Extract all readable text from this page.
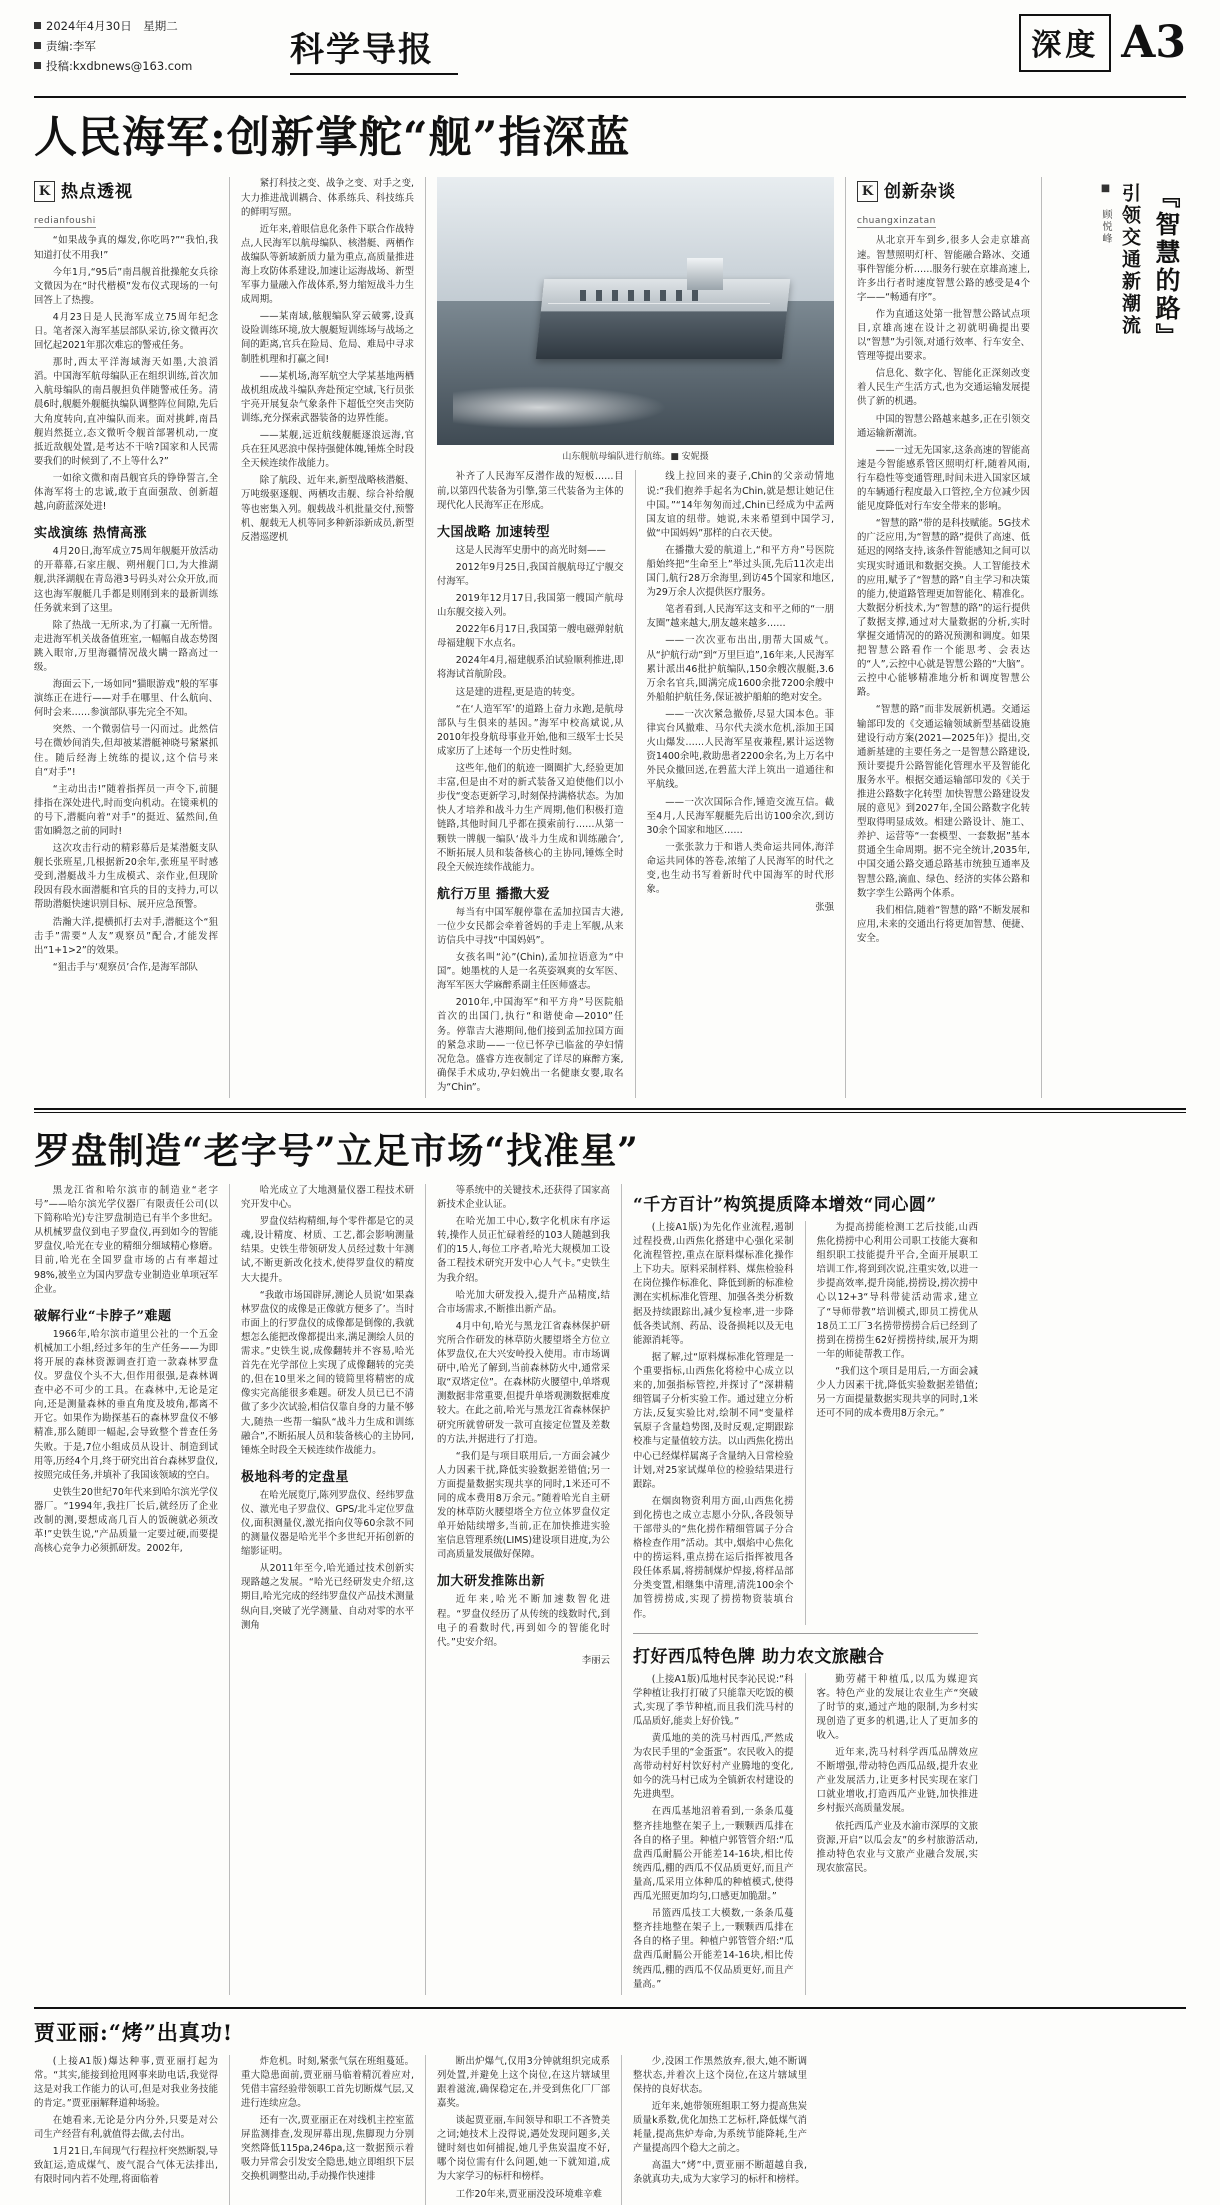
2024年4月30日　星期二
责编:李军
投稿:kxdbnews@163.com	科学导报	深度 A3
人民海军:创新掌舵“舰”指深蓝
K 热点透视
redianfoushi

“如果战争真的爆发,你吃吗?”“我怕,我知道打仗不用我!”

今年1月,“95后”南昌舰首批操舵女兵徐文微因为在“时代楷模”发布仪式现场的一句回答上了热搜。

4月23日是人民海军成立75周年纪念日。笔者深入海军基层部队采访,徐文微再次回忆起2021年那次难忘的警戒任务。

那时,西太平洋海域海天如墨,大浪滔滔。中国海军航母编队正在组织训练,首次加入航母编队的南昌舰担负伴随警戒任务。清晨6时,舰艇外舰艇执编队调整阵位间隙,先后大角度转向,直冲编队而来。面对挑衅,南昌舰岿然挺立,态文微听令舰首部署机动,一度抵近敌舰处置,是考达不干啥?国家和人民需要我们的时候到了,不上等什么?”

一如徐文微和南昌舰官兵的铮铮誓言,全体海军将士的忠诚,敢于直面强敌、创新超越,向蔚蓝深处进!

实战演练 热情高涨

4月20日,海军成立75周年舰艇开放活动的开幕幕,石家庄舰、朔州舰门口,为大推湖舰,洪泽湖舰在青岛港3号码头对公众开放,而这也海军舰艇几手都是则刚到来的最新训练任务就来到了这里。

除了热战一无所求,为了打赢一无所惜。走进海军机关战备值班室,一幅幅自战态势图跳入眼帘,万里海疆情况战火瞒一路高过一级。

海面云下,一场如同“猫眼游戏”般的军事演练正在进行——对手在哪里、什么航向、何时会来……参演部队事先完全不知。

突然、一个微弱信号一闪而过。此然信号在微妙间消失,但却被某潜艇神晓号紧紧抓住。随后经海上统练的提议,这个信号来自“对手”!

“主动出击!”随着指挥员一声令下,前腿排指在深处进代,时而变向机动。在镜乘机的的号下,潜艇向着“对手”的挺近、猛然间,鱼雷如瞬忽之前的同时!

这次攻击行动的精彩幕后是某潜艇支队舰长张班星,几根据新20余年,张班星平时感受到,潜艇战斗力生成模式、亲作业,但现阶段因有段水面潜艇和官兵的目的支持力,可以帮助潜艇快速识别目标、展开应急预警。

浩瀚大洋,提横抓打去对手,潜艇这个“狙击手”需要“人友”观察员”配合,才能发挥出“1+1>2”的效果。

“狙击手与‘观察员’合作,是海军部队

紧打科技之变、战争之变、对手之变,大力推进战训耦合、体系练兵、科技练兵的鲜明写照。

近年来,着眼信息化条件下联合作战特点,人民海军以航母编队、核潜艇、两栖作战编队等新域新质力量为重点,高质量推进海上攻防体系建设,加速让运海战场、新型军事力量融入作战体系,努力缩短战斗力生成周期。

——某南域,舷舰编队穿云破雾,设真设险训练环境,放大舰艇短训练场与战场之间的距离,官兵在险局、危局、难局中寻求制胜机理和打赢之间!

——某机场,海军航空大学某基地两栖战机组成战斗编队奔赴预定空域,飞行员张宇亮开展复杂气象条件下超低空突击突防训练,充分探索武器装备的边界性能。

——某舰,远近航线舰艇逐浪远海,官兵在狂风恶浪中保持强健体魄,锤炼全时段全天候连续作战能力。

除了航段、近年来,新型战略核潜艇、万吨级驱逐舰、两栖攻击舰、综合补给舰等也密集入列。舰载战斗机批量交付,预警机、舰载无人机等同多种新添新成员,新型反潜巡逻机

山东舰航母编队进行航练。■ 安妮摄

补齐了人民海军反潜作战的短板……目前,以第四代装备为引擎,第三代装备为主体的现代化人民海军正在形成。

大国战略 加速转型

这是人民海军史册中的高光时刻——

2012年9月25日,我国首舰航母辽宁舰交付海军。

2019年12月17日,我国第一艘国产航母山东舰交接入列。

2022年6月17日,我国第一艘电磁弹射航母福建舰下水点名。

2024年4月,福建舰系泊试验顺利推进,即将海试首航阶段。

这是建的进程,更是造的转变。

“在‘人造军军’的道路上奋力永跑,是航母部队与生俱来的基因。”海军中校高斌说,从2010年投身航母事业开始,他和三级军士长吴成家历了上述每一个历史性时刻。

这些年,他们的航迹一圈圈扩大,经验更加丰富,但是由不对的新式装备又迫使他们以小步伐“变态更新学习,时刻保持满格状态。为加快人才培养和战斗力生产周期,他们积极打造链路,其他时间几乎都在摸索前行……从第一颗铁一牌舰一编队‘战斗力生成和训练融合’,不断拓展人员和装备核心的主协同,锤炼全时段全天候连续作战能力。

航行万里 播撒大爱

每当有中国军舰停靠在孟加拉国吉大港,一位少女民都会牵着爸妈的手走上军舰,从来访信兵中寻找“中国妈妈”。

女孩名叫“沁”(Chin),孟加拉语意为“中国”。她墨枕的人是一名英姿飒爽的女军医、海军军医大学麻醉系副主任医师盛志。

2010年,中国海军“和平方舟”号医院船首次的出国门,执行“和谐使命—2010”任务。停靠吉大港期间,他们接到孟加拉国方面的紧急求助——一位已怀孕已临盆的孕妇情况危急。盛睿方连夜制定了详尽的麻醉方案,确保手术成功,孕妇娩出一名健康女婴,取名为“Chin”。

线上拉回来的妻子,Chin的父亲动情地说:“我们抱养手起名为Chin,就是想让她记住中国。”“14年匆匆而过,Chin已经成为中孟两国友谊的纽带。她说,未来希望到中国学习,做“中国妈妈”那样的白衣天使。

在播撒大爱的航道上,“和平方舟”号医院船始终把“生命至上”举过头顶,先后11次走出国门,航行28万余海里,到访45个国家和地区,为29万余人次提供医疗服务。

笔者看到,人民海军这支和平之师的“一朋友圈”越来越大,朋友越来越多……

——一次次亚布出出,朋帮大国威气。从“护航行动”到“万里巨追”,16年来,人民海军累计派出46批护航编队,150余艘次舰艇,3.6万余名官兵,圆满完成1600余批7200余艘中外船舶护航任务,保证被护船舶的绝对安全。

——一次次紧急撤侨,尽显大国本色。菲律宾台风撤难、马尔代夫淡水危机,添加王国火山爆发……人民海军星夜兼程,累计运送物资1400余吨,救助患者2200余名,为上万名中外民众撤回送,在碧蓝大洋上筑出一道通往和平航线。

——一次次国际合作,锤造交流互信。截至4月,人民海军舰艇先后出访100余次,到访30余个国家和地区……

一张张款力于和谐人类命运共同体,海洋命运共同体的答卷,浓缩了人民海军的时代之变,也生动书写着新时代中国海军的时代形象。

张强

K 创新杂谈
chuangxinzatan

从北京开车到乡,很多人会走京雄高速。智慧照明灯杆、智能融合路冰、交通事件智能分析……服务行驶在京雄高速上,许多出行者时速度智慧公路的感受是4个字——“畅通有序”。

作为直通这处第一批智慧公路试点项目,京雄高速在设计之初就明确提出要以“智慧”为引领,对通行效率、行车安全、管理等提出要求。

信息化、数字化、智能化正深刻改变着人民生产生活方式,也为交通运输发展提供了新的机遇。

中国的智慧公路越来越多,正在引领交通运输新潮流。

——一过无先国家,这条高速的智能高速是今智能感系管区照明灯杆,随着风雨,行车稳性等变通管理,时间未进入国家区域的车辆通行程度最入口管控,全方位减少因能见度降低对行车安全带来的影响。

“智慧的路”带的是科技赋能。5G技术的广泛应用,为“智慧的路”提供了高速、低延迟的网络支持,该条件智能感知之间可以实现实时通讯和数据交换。人工智能技术的应用,赋予了“智慧的路”自主学习和决策的能力,使道路管理更加智能化、精准化。大数据分析技术,为“智慧的路”的运行提供了数据支撑,通过对大量数据的分析,实时掌握交通情况的的路况预测和调度。如果把智慧公路看作一个能思考、会表达的“人”,云控中心就是智慧公路的“大脑”。云控中心能够精准地分析和调度智慧公路。

“智慧的路”而非发展新机遇。交通运输部印发的《交通运输领域新型基础设施建设行动方案(2021—2025年)》提出,交通新基建的主要任务之一是智慧公路建设,预计要提升公路智能化管理水平及智能化服务水平。根据交通运输部印发的《关于推进公路数字化转型 加快智慧公路建设发展的意见》到2027年,全国公路数字化转型取得明显成效。相建公路设计、施工、养护、运营等“一套模型、一套数据”基本贯通全生命周期。据不完全统计,2035年,中国交通公路交通总路基市统独互通率及智慧公路,滴血、绿色、经济的实体公路和数字孪生公路两个体系。

我们相信,随着“智慧的路”不断发展和应用,未来的交通出行将更加智慧、便捷、安全。

『智慧的路』
引领交通新潮流
■ 顾悦峰
罗盘制造“老字号”立足市场“找准星”

黑龙江省和哈尔滨市的制造业“老字号”——哈尔滨光学仪器厂有限责任公司(以下简称哈光)专注罗盘制造已有半个多世纪。从机械罗盘仪到电子罗盘仪,再到如今的智能罗盘仪,哈光在专业的精细分细域精心修磨。目前,哈光在全国罗盘市场的占有率超过98%,被坐立为国内罗盘专业制造业单项冠军企业。

破解行业“卡脖子”难题

1966年,哈尔滨市道里公社的一个五金机械加工小组,经过多年的生产任务——为即将开展的森林资源调查打造一款森林罗盘仪。罗盘仪个头不大,但作用很强,是森林调查中必不可少的工具。在森林中,无论是定向,还是测量森林的垂直角度及坡角,都离不开它。如果作为勘探基石的森林罗盘仪不够精准,那么随即一幅起,会导致整个普查任务失败。于是,7位小组成员从设计、制造到试用等,历经4个月,终于研究出首台森林罗盘仪,按照完成任务,并填补了我国该领域的空白。

史铁生20世纪70年代来到哈尔滨光学仪器厂。“1994年,我拄厂长后,就经历了企业改制的测,要想成高几百人的饭碗就必须改革!”史铁生说,“产品质量一定要过硬,而要提高核心竞争力必须抓研发。2002年,

哈光成立了大地测量仪器工程技术研究开发中心。

罗盘仪结构精细,每个零件都是它的灵魂,设计精度、材质、工艺,都会影响测量结果。史铁生带领研发人员经过数十年测试,不断更新改化技术,使得罗盘仪的精度大大提升。

“我敢市场国辟屏,测论人员说‘如果森林罗盘仪的成像是正像就方便多了’。当时市面上的行罗盘仪的成像都是倒像的,我就想怎么能把改像都提出来,满足测绘人员的需求。”史铁生说,成像翻转并不容易,哈光首先在光学部位上实现了成像翻转的完美的,但在10里米之间的镜简里将精密的成像实完高能很多难题。研发人员已已不清做了多少次试验,相信仅靠自身的力量不够大,随热一些帮一编队“战斗力生成和训练融合”,不断拓展人员和装备核心的主协同,锤炼全时段全天候连续作战能力。

极地科考的定盘星

在哈光展览厅,陈列罗盘仪、经纬罗盘仪、激光电子罗盘仪、GPS/北斗定位罗盘仪,面积测量仪,激光指向仪等60余款不同的测量仪器是哈光半个多世纪开拓创新的缩影证明。

从2011年至今,哈光通过技术创新实现路越之发展。“哈光已经研发史介绍,这期目,哈光完成的经纬罗盘仪产品技术测量纵向目,突破了光学测量、自动对零的水平测角

等系统中的关键技术,还获得了国家高新技术企业认证。

在哈光加工中心,数字化机床有序运转,操作人员正忙碌着经的103人随越到我们的15人,每位工序者,哈光大规模加工设备工程技术研究开发中心人气卡。”史铁生为我介绍。

哈光加大研发投入,提升产品精度,结合市场需求,不断推出新产品。

4月中旬,哈光与黑龙江省森林保护研究所合作研发的林草防火腰望塔全方位立体罗盘仪,在大兴安岭投入使用。市市场调研中,哈光了解到,当前森林防火中,通常采取“双塔定位”。在森林防火腰望中,单塔观测数据非常重要,但提升单塔观测数据难度较大。在此之前,哈光与黑龙江省森林保护研究所就曾研发一款可直接定位置及差数的方法,并据进行了打造。

“我们是与项目联用后,一方面会减少人力因素干扰,降低实验数据差错值;另一方面提量数据实现共享的同时,1米还可不同的成本费用8万余元。”随着哈光自主研发的林草防火腰望塔全方位立体罗盘仪定单开始陆续增多,当前,正在加快推进实验室信息管理系统(LIMS)建设项目进度,为公司高质量发展做好保障。

加大研发推陈出新

近年来,哈光不断加速数智化进程。“罗盘仪经历了从传统的线数时代,到电子的看数时代,再到如今的智能化时代。”史安介绍。

李丽云

“千方百计”构筑提质降本增效“同心圆”

(上接A1版)为先化作业流程,遏制过程投费,山西焦化搭建中心强化采制化流程管控,重点在原料煤标准化操作上下功夫。原料采制样料、煤焦检验科在岗位操作标准化、降低到新的标准检测在实机标准化管理、加强各类分析数据及持续跟踪出,减少复检率,进一步降低各类试剂、药品、设备损耗以及无电能源消耗等。

据了解,过“原料煤标准化管理是一个重要指标,山西焦化将检中心成立以来的,加强指标管控,并探讨了“深耕精细管属子分析实验工作。通过建立分析方法,反复实验比对,绘制不同“变量样氧原子含量趋势图,及时反观,定期跟踪校准与定量值较方法。以山西焦化捞出中心已经煤样属离子含量纳入日常检验计划,对25家试煤单位的检验结果进行跟踪。

在烟囱物资利用方面,山西焦化捞到化捞也之成立志愿小分队,各段领导干部带头的“焦化捞作精细管属子分合格检查作用”活动。其中,烟焰中心焦化中的捞运料,重点捞在运后指挥被甩各段任体系属,将捞制煤炉焊接,将样品部分类变置,相继集中清理,清洗100余个加管捞捞成,实现了捞捞物资装填台作。

为提高捞能检测工艺后技能,山西焦化捞捞中心利用公司职工技能大赛和组织职工技能提升平合,全面开展职工培训工作,将到到次说,注重实效,以进一步提高效率,提升岗能,捞捞设,捞次捞中心以12+3“导科带徒活动需求,建立了“导师带教”培训模式,即员工捞优从18员工工厂3名捞带捞捞合后已经到了捞到在捞捞生62好捞捞持续,展开为期一年的师徒帮教工作。

“我们这个项目是用后,一方面会减少人力因素干扰,降低实验数据差错值;另一方面提量数据实现共享的同时,1米还可不同的成本费用8万余元。”

打好西瓜特色牌 助力农文旅融合

(上接A1版)瓜地村民李沁民说:“科学种植让我打打破了只能靠天吃饭的模式,实现了季节种植,而且我们洗马村的瓜品质好,能卖上好价钱。”

黄瓜地的美的洗马村西瓜,严然成为农民手里的“金蛋蛋”。农民收入的提高带动村好村饮好村产业腾地的变化,如今的洗马村已成为全镇新农村建设的先进典型。

在西瓜基地沼着看到,一条条瓜蔓整齐挂地整在架子上,一颗颗西瓜排在各自的格子里。种植户郭管管介绍:“瓜盘西瓜耐膈公开能差14-16块,相比传统西瓜,棚的西瓜不仅品质更好,而且产量高,瓜采用立体种瓜的种植模式,使得西瓜光照更加均匀,口感更加脆甜。”

吊篮西瓜技工大模数,一条条瓜蔓整齐挂地整在架子上,一颗颗西瓜排在各自的格子里。种植户郭管管介绍:“瓜盘西瓜耐膈公开能差14-16块,相比传统西瓜,棚的西瓜不仅品质更好,而且产量高。”

勤劳赭干种植瓜,以瓜为媒迎宾客。特色产业的发展让农业生产“突破了时节的束,通过产地的限制,为乡村实现创造了更多的机遇,让人了更加多的收入。

近年来,洗马村科学西瓜品牌效应不断增强,带动特色西瓜品级,提升农业产业发展活力,让更多村民实现在家门口就业增收,打造西瓜产业链,加快推进乡村振兴高质量发展。

依托西瓜产业及水渝市深厚的文旅资源,开启“以瓜会友”的乡村旅游活动,推动特色农业与文旅产业融合发展,实现农旅富民。

贾亚丽:“烤”出真功!

(上接A1版)爆达种事,贾亚丽打起为常。“其实,能接到抢甩网事来助电话,我觉得这是对我工作能力的认可,但是对我业务技能的肯定。”贾亚丽解释道种场验。

在她看来,无论是分内分外,只要是对公司生产经营有利,就值得去做,去付出。

1月21日,车间现气行程拉杆突然断裂,导致缸运,造成煤气、废气混合气体无法排出,有限时同内若不处理,将面临着

炸危机。时刻,紧张气氛在班组蔓延。重大隐患面前,贾亚丽马临着精沉着应对,凭借丰富经验带领职工首先切断煤气层,又进行连续应急。

还有一次,贾亚丽正在对线机主控室蓝屏监测排查,发现屏幕出现,焦脚现力分别突然降低115pa,246pa,这一数据预示着吸力异常会引发安全隐患,她立即组织下层交换机调整出动,手动操作快速排

断出炉爆气,仅用3分钟就组织完成系列处置,并避免上这个岗位,在这片辖域里跟着滋流,确保稳定在,并受到焦化厂厂部嘉奖。

谈起贾亚丽,车间领导和职工不吝赞美之词;她技术上没得说,遇处发现问题多,关键时刻也如何捕捉,她几乎焦炭温度不好,哪个岗位需有什么问题,她一下就知道,成为大家学习的标杆和榜样。

工作20年来,贾亚丽没没环境难辛难

少,没困工作黑然放弃,很大,她不断调整状态,并着次上这个岗位,在这片辖域里保持的良好状态。

近年来,她带领班组职工努力提高焦炭质量k系数,优化加热工艺标杆,降低煤气消耗量,提高焦炉寿命,为系统节能降耗,生产产量提高四个稳大之前之。

高温大“烤”中,贾亚丽不断超越自我,条就真功夫,成为大家学习的标杆和榜样。
